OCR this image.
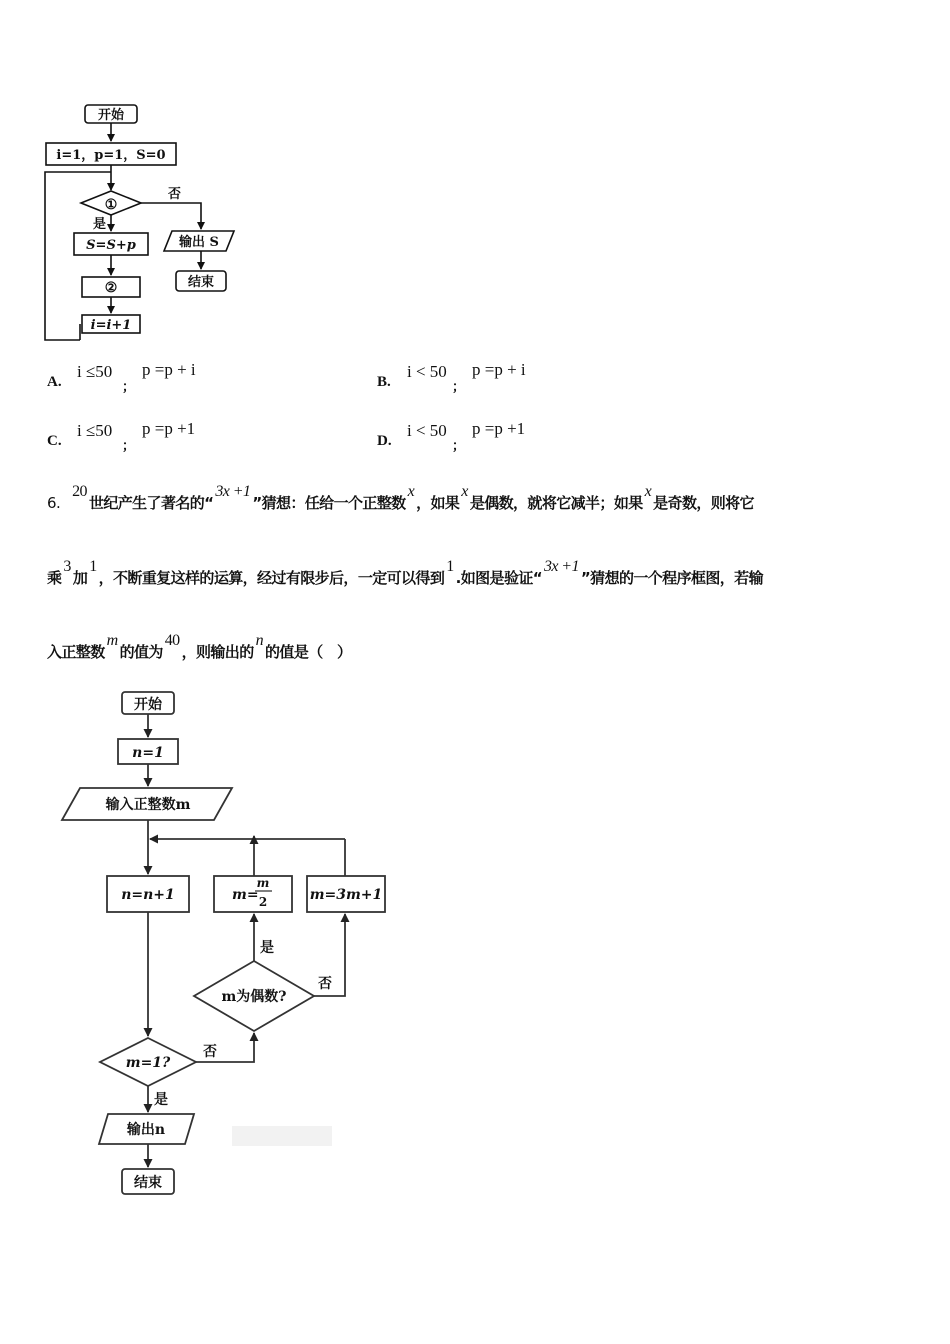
开始
i=1，p=1，S=0
①
否
是
S=S+p
②
i=i+1
输出 S
结束
A.
i ≤50
；
p =p + i
B.
i < 50
；
p =p + i
C.
i ≤50
；
p =p +1
D.
i < 50
；
p =p +1
6.20世纪产生了著名的“3x +1”猜想：任给一个正整数x，如果x是偶数，就将它减半；如果x是奇数，则将它
乘3加1，不断重复这样的运算，经过有限步后，一定可以得到1.如图是验证“3x +1”猜想的一个程序框图，若输
入正整数m的值为40，则输出的n的值是（　）
开始
n=1
输入正整数m
n=n+1	m=
m
2	m=3m+1
m为偶数?
是
否
m=1?
否
是
输出n
结束
